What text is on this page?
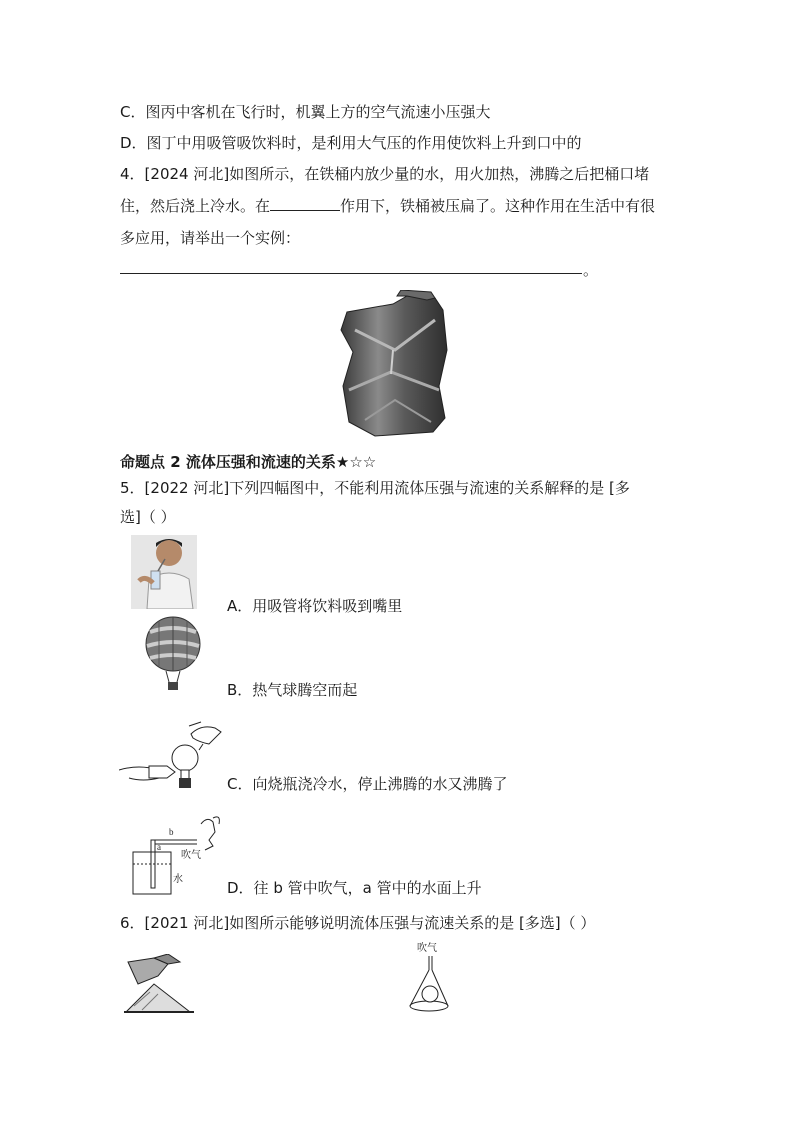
C．图丙中客机在飞行时，机翼上方的空气流速小压强大
D．图丁中用吸管吸饮料时，是利用大气压的作用使饮料上升到口中的
4．[2024 河北]如图所示，在铁桶内放少量的水，用火加热，沸腾之后把桶口堵
住，然后浇上冷水。在	作用下，铁桶被压扁了。这种作用在生活中有很
多应用，请举出一个实例：
。
命题点 2 流体压强和流速的关系★☆☆
5．[2022 河北]下列四幅图中，不能利用流体压强与流速的关系解释的是 [多
选]（ ）
A．用吸管将饮料吸到嘴里
B．热气球腾空而起
C．向烧瓶浇冷水，停止沸腾的水又沸腾了
b
a
吹气
水	D．往 b 管中吹气，a 管中的水面上升
6．[2021 河北]如图所示能够说明流体压强与流速关系的是 [多选]（ ）
吹气
